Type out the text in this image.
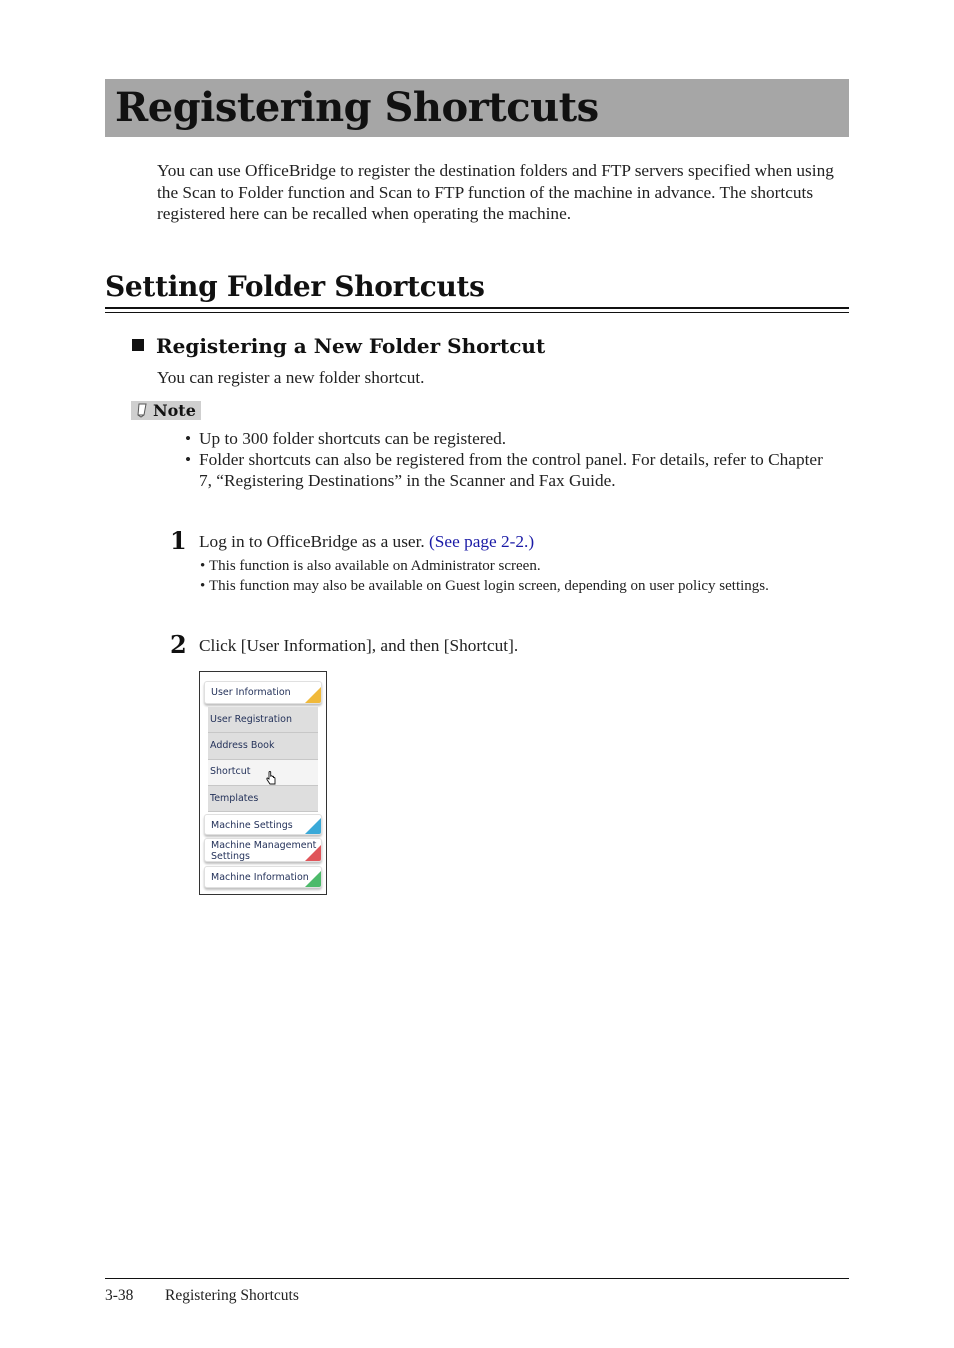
Registering Shortcuts

You can use OfficeBridge to register the destination folders and FTP servers specified when using the Scan to Folder function and Scan to FTP function of the machine in advance. The shortcuts registered here can be recalled when operating the machine.

Setting Folder Shortcuts
Registering a New Folder Shortcut
You can register a new folder shortcut.
Note
• Up to 300 folder shortcuts can be registered.
• Folder shortcuts can also be registered from the control panel. For details, refer to Chapter 7, “Registering Destinations” in the Scanner and Fax Guide.
1 Log in to OfficeBridge as a user. (See page 2-2.)
• This function is also available on Administrator screen.
• This function may also be available on Guest login screen, depending on user policy settings.
2 Click [User Information], and then [Shortcut].
User Information
User Registration
Address Book
Shortcut
Templates
Machine Settings
Machine Management
Settings
Machine Information
3-38 Registering Shortcuts
